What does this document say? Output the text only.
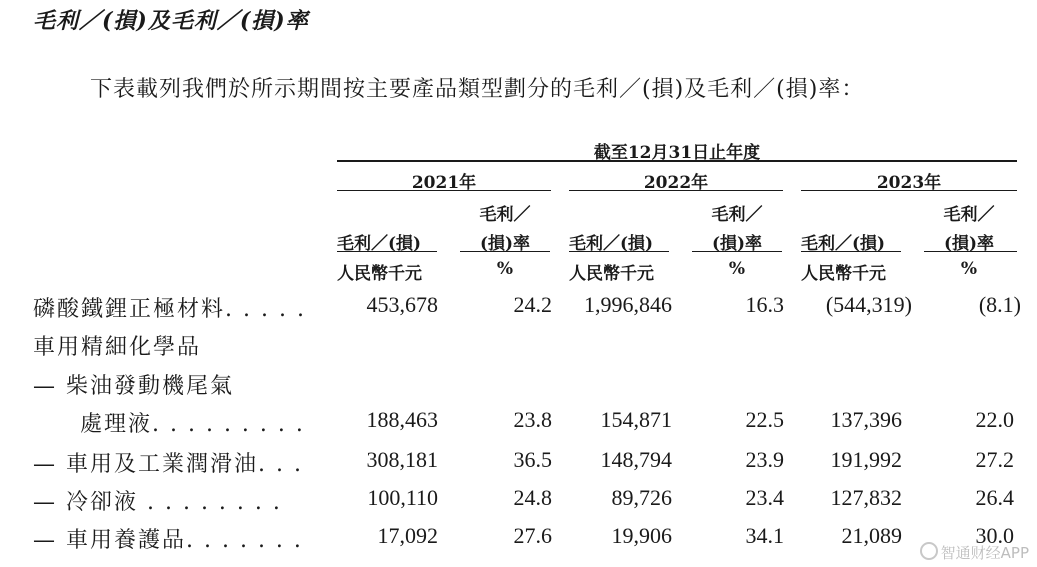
毛利／(損)及毛利／(損)率
下表載列我們於所示期間按主要產品類型劃分的毛利／(損)及毛利／(損)率：
截至12月31日止年度
2021年	2022年	2023年
毛利／	毛利／	毛利／
毛利／(損)	(損)率	毛利／(損)	(損)率	毛利／(損)	(損)率
人民幣千元	%	人民幣千元	%	人民幣千元	%
磷酸鐵鋰正極材料. . . . .	453,678	24.2	1,996,846	16.3	(544,319)	(8.1)
車用精細化學品
— 柴油發動機尾氣
處理液. . . . . . . . .	188,463	23.8	154,871	22.5	137,396	22.0
— 車用及工業潤滑油. . .	308,181	36.5	148,794	23.9	191,992	27.2
— 冷卻液 . . . . . . . .	100,110	24.8	89,726	23.4	127,832	26.4
— 車用養護品. . . . . . .	17,092	27.6	19,906	34.1	21,089	30.0
智通财经APP
